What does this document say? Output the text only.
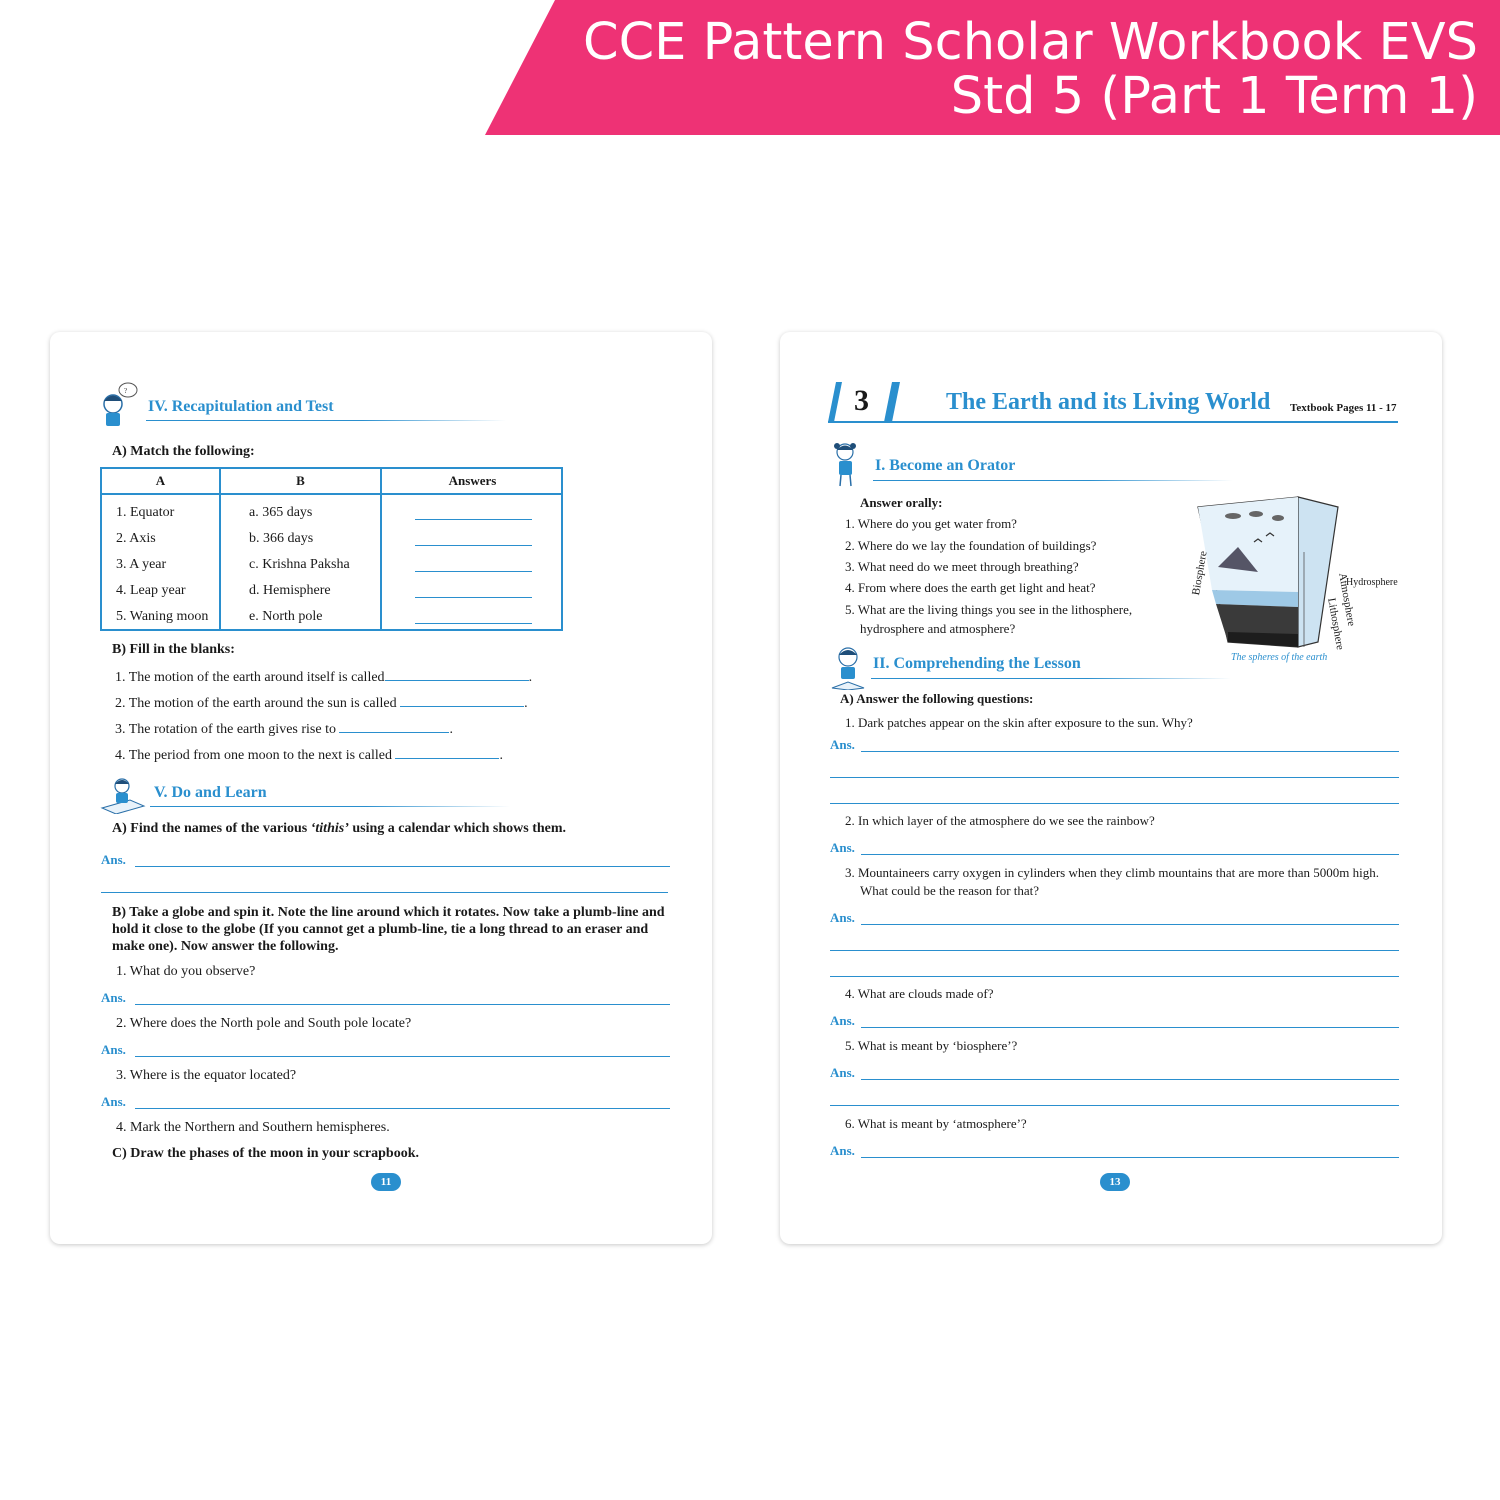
CCE Pattern Scholar Workbook EVS
Std 5 (Part 1 Term 1)
?
IV. Recapitulation and Test
A) Match the following:
A	B	Answers
1. Equator	a. 365 days
2. Axis	b. 366 days
3. A year	c. Krishna Paksha
4. Leap year	d. Hemisphere
5. Waning moon	e. North pole
B) Fill in the blanks:
1. The motion of the earth around itself is called	.
2. The motion of the earth around the sun is called	.
3. The rotation of the earth gives rise to	.
4. The period from one moon to the next is called	.
V. Do and Learn
A) Find the names of the various ‘tithis’ using a calendar which shows them.
Ans.
B) Take a globe and spin it. Note the line around which it rotates. Now take a plumb-line and hold it close to the globe (If you cannot get a plumb-line, tie a long thread to an eraser and make one). Now answer the following.
1. What do you observe?
Ans.
2. Where does the North pole and South pole locate?
Ans.
3. Where is the equator located?
Ans.
4. Mark the Northern and Southern hemispheres.
C) Draw the phases of the moon in your scrapbook.
11
3	The Earth and its Living World Textbook Pages 11 - 17
I. Become an Orator
Answer orally:
1. Where do you get water from?
2. Where do we lay the foundation of buildings?
3. What need do we meet through breathing?
4. From where does the earth get light and heat?
5. What are the living things you see in the lithosphere,
hydrosphere and atmosphere?
Atmosphere
Hydrosphere
Lithosphere
Biosphere
The spheres of the earth
II. Comprehending the Lesson
A) Answer the following questions:
1. Dark patches appear on the skin after exposure to the sun. Why?
Ans.
2. In which layer of the atmosphere do we see the rainbow?
Ans.
3. Mountaineers carry oxygen in cylinders when they climb mountains that are more than 5000m high.
What could be the reason for that?
Ans.
4. What are clouds made of?
Ans.
5. What is meant by ‘biosphere’?
Ans.
6. What is meant by ‘atmosphere’?
Ans.
13
